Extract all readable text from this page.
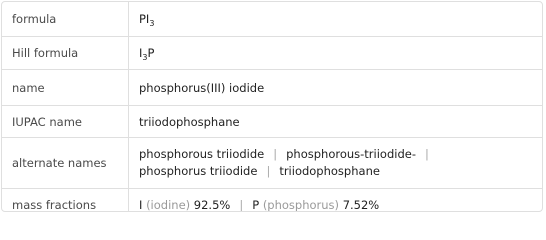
formula	$PI_3$
Hill formula	$I_3P$
name	phosphorus(III) iodide
IUPAC name	triiodophosphane
alternate names	phosphorous triiodide | phosphorous-triiodide- |
phosphorus triiodide | triiodophosphane

mass fractions	I (iodine) 92.5% | P (phosphorus) 7.52%
